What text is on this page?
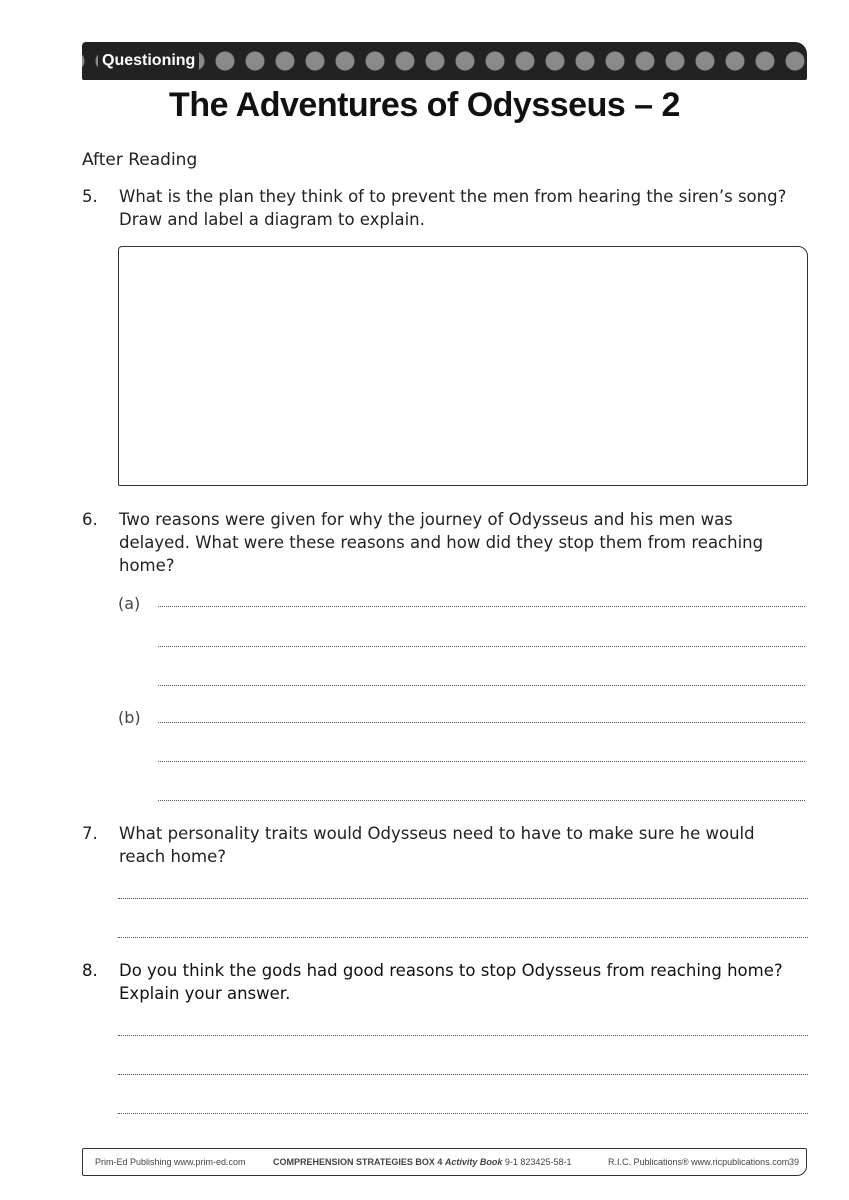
Questioning
The Adventures of Odysseus – 2
After Reading
5. What is the plan they think of to prevent the men from hearing the siren’s song? Draw and label a diagram to explain.
6. Two reasons were given for why the journey of Odysseus and his men was delayed. What were these reasons and how did they stop them from reaching home?
(a)
(b)
7. What personality traits would Odysseus need to have to make sure he would reach home?
8. Do you think the gods had good reasons to stop Odysseus from reaching home? Explain your answer.
Prim-Ed Publishing www.prim-ed.com	COMPREHENSION STRATEGIES BOX 4 Activity Book 9-1 823425-58-1	R.I.C. Publications® www.ricpublications.com 39
